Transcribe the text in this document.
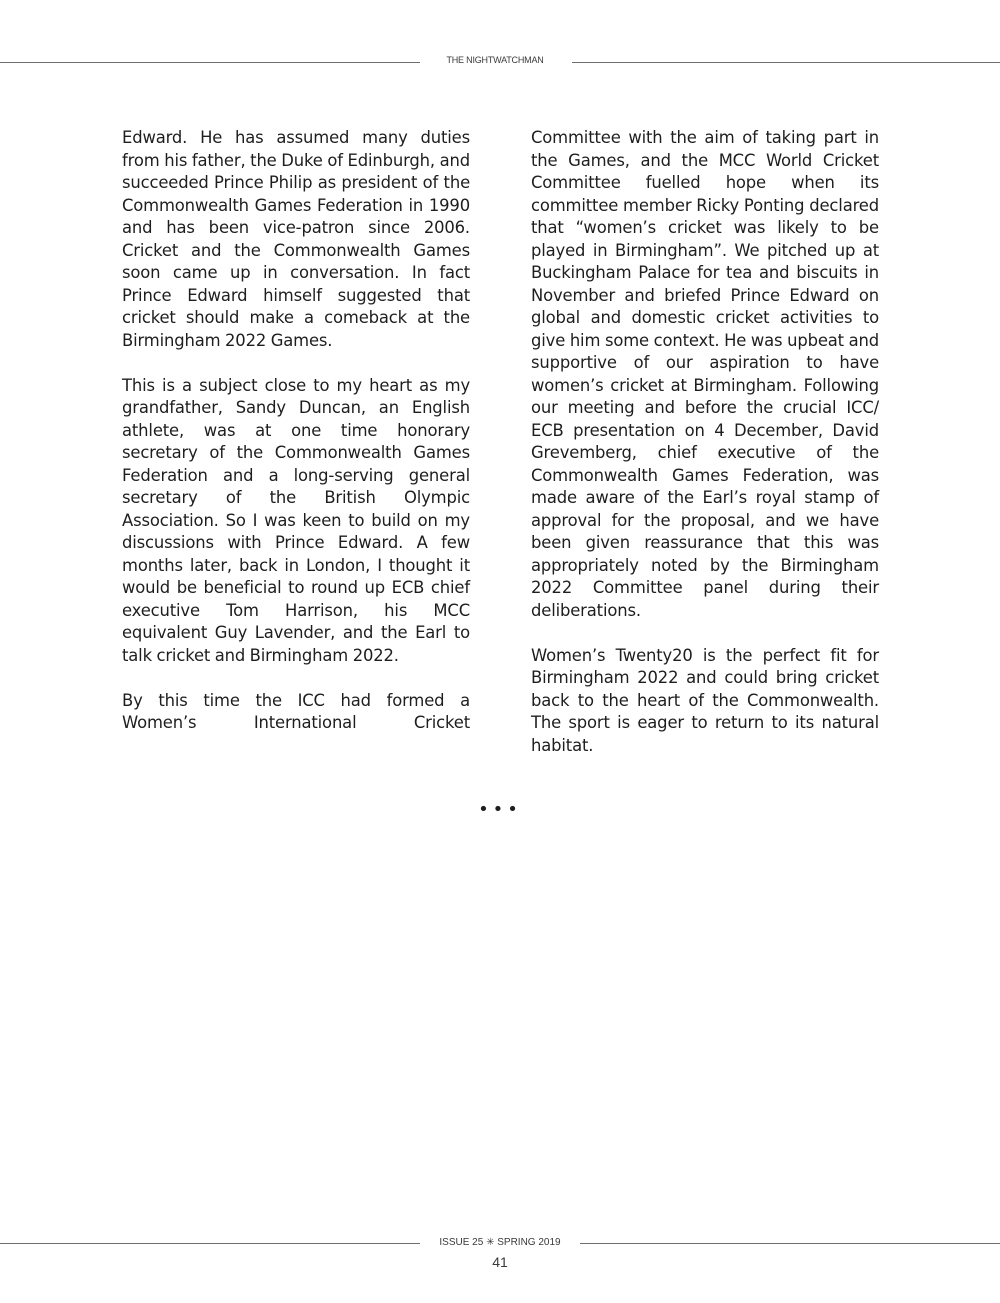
THE NIGHTWATCHMAN

Edward. He has assumed many duties from his father, the Duke of Edinburgh, and succeeded Prince Philip as president of the Commonwealth Games Federation in 1990 and has been vice-patron since 2006. Cricket and the Commonwealth Games soon came up in conversation. In fact Prince Edward himself suggested that cricket should make a comeback at the Birmingham 2022 Games.

This is a subject close to my heart as my grandfather, Sandy Duncan, an English athlete, was at one time honorary secretary of the Commonwealth Games Federation and a long-serving general secretary of the British Olympic Association. So I was keen to build on my discussions with Prince Edward. A few months later, back in London, I thought it would be beneficial to round up ECB chief executive Tom Harrison, his MCC equivalent Guy Lavender, and the Earl to talk cricket and Birmingham 2022.

By this time the ICC had formed a Women’s International Cricket

Committee with the aim of taking part in the Games, and the MCC World Cricket Committee fuelled hope when its committee member Ricky Ponting declared that “women’s cricket was likely to be played in Birmingham”. We pitched up at Buckingham Palace for tea and biscuits in November and briefed Prince Edward on global and domestic cricket activities to give him some context. He was upbeat and supportive of our aspiration to have women’s cricket at Birmingham. Following our meeting and before the crucial ICC/ ECB presentation on 4 December, David Grevemberg, chief executive of the Commonwealth Games Federation, was made aware of the Earl’s royal stamp of approval for the proposal, and we have been given reassurance that this was appropriately noted by the Birmingham 2022 Committee panel during their deliberations.

Women’s Twenty20 is the perfect fit for Birmingham 2022 and could bring cricket back to the heart of the Commonwealth. The sport is eager to return to its natural habitat.

•••
ISSUE 25 ✳ SPRING 2019
41
